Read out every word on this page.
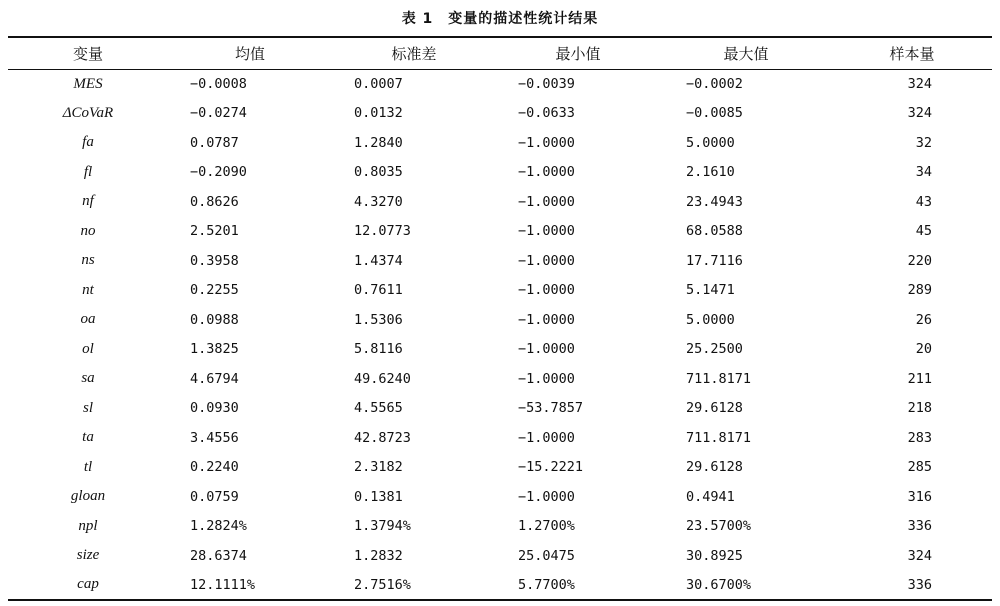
表 1　变量的描述性统计结果
变量	均值	标准差	最小值	最大值	样本量
MES	−0.0008	0.0007	−0.0039	−0.0002	324
ΔCoVaR	−0.0274	0.0132	−0.0633	−0.0085	324
fa	0.0787	1.2840	−1.0000	5.0000	32
fl	−0.2090	0.8035	−1.0000	2.1610	34
nf	0.8626	4.3270	−1.0000	23.4943	43
no	2.5201	12.0773	−1.0000	68.0588	45
ns	0.3958	1.4374	−1.0000	17.7116	220
nt	0.2255	0.7611	−1.0000	5.1471	289
oa	0.0988	1.5306	−1.0000	5.0000	26
ol	1.3825	5.8116	−1.0000	25.2500	20
sa	4.6794	49.6240	−1.0000	711.8171	211
sl	0.0930	4.5565	−53.7857	29.6128	218
ta	3.4556	42.8723	−1.0000	711.8171	283
tl	0.2240	2.3182	−15.2221	29.6128	285
gloan	0.0759	0.1381	−1.0000	0.4941	316
npl	1.2824%	1.3794%	1.2700%	23.5700%	336
size	28.6374	1.2832	25.0475	30.8925	324
cap	12.1111%	2.7516%	5.7700%	30.6700%	336
